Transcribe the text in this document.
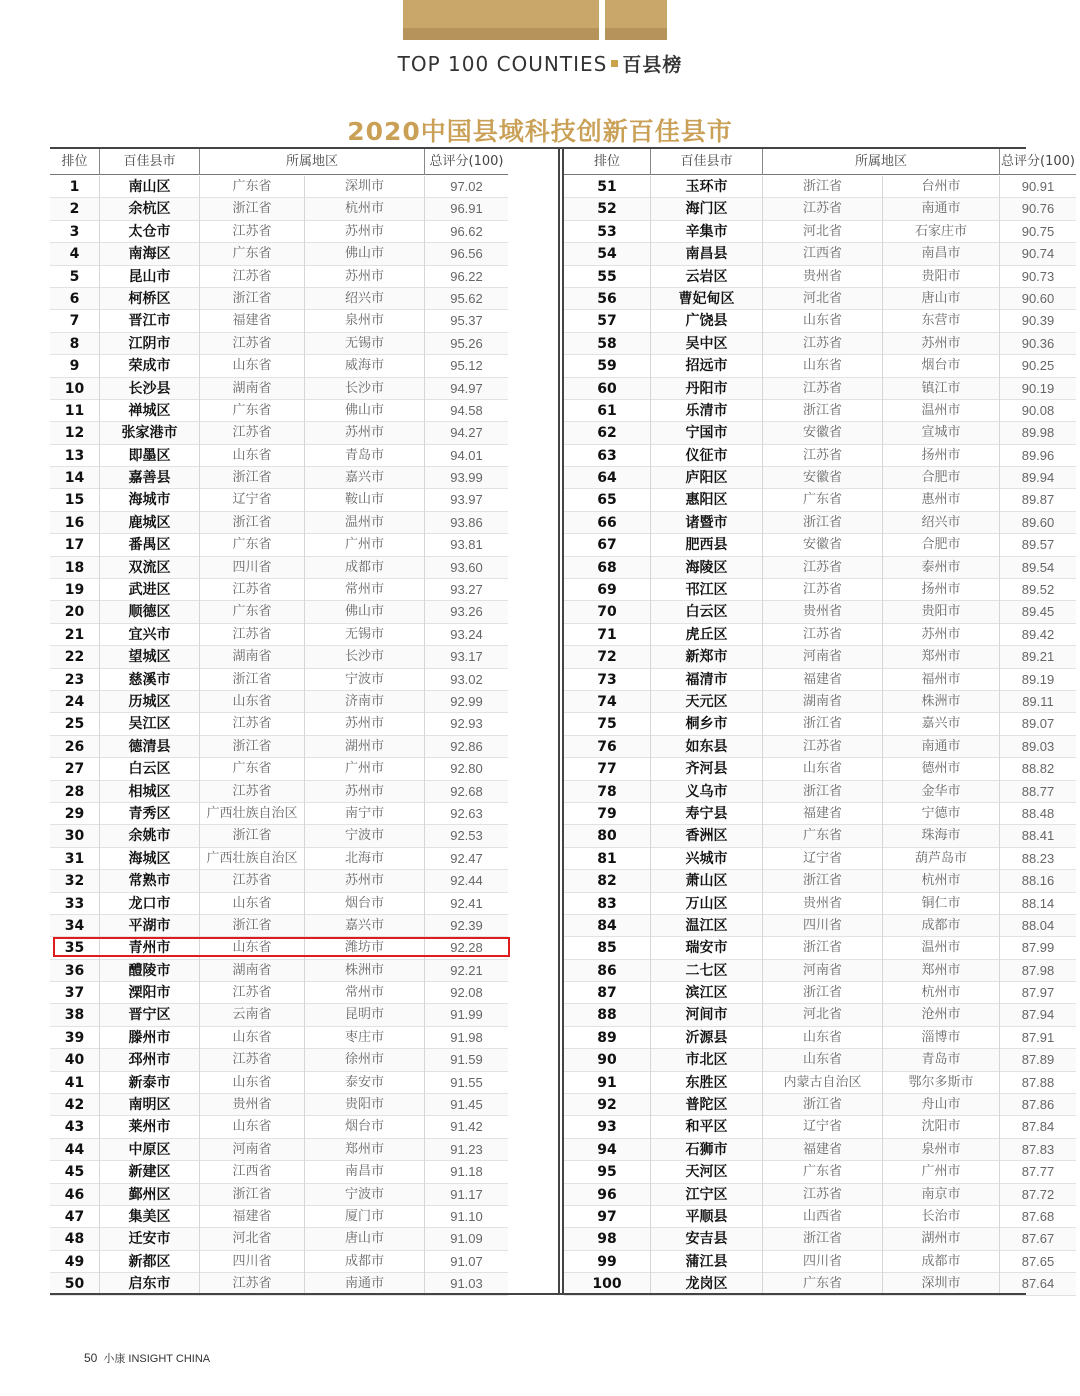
TOP 100 COUNTIES 百县榜
2020中国县域科技创新百佳县市
排位	百佳县市	所属地区	总评分(100)
1	南山区	广东省	深圳市	97.02
2	余杭区	浙江省	杭州市	96.91
3	太仓市	江苏省	苏州市	96.62
4	南海区	广东省	佛山市	96.56
5	昆山市	江苏省	苏州市	96.22
6	柯桥区	浙江省	绍兴市	95.62
7	晋江市	福建省	泉州市	95.37
8	江阴市	江苏省	无锡市	95.26
9	荣成市	山东省	威海市	95.12
10	长沙县	湖南省	长沙市	94.97
11	禅城区	广东省	佛山市	94.58
12	张家港市	江苏省	苏州市	94.27
13	即墨区	山东省	青岛市	94.01
14	嘉善县	浙江省	嘉兴市	93.99
15	海城市	辽宁省	鞍山市	93.97
16	鹿城区	浙江省	温州市	93.86
17	番禺区	广东省	广州市	93.81
18	双流区	四川省	成都市	93.60
19	武进区	江苏省	常州市	93.27
20	顺德区	广东省	佛山市	93.26
21	宜兴市	江苏省	无锡市	93.24
22	望城区	湖南省	长沙市	93.17
23	慈溪市	浙江省	宁波市	93.02
24	历城区	山东省	济南市	92.99
25	吴江区	江苏省	苏州市	92.93
26	德清县	浙江省	湖州市	92.86
27	白云区	广东省	广州市	92.80
28	相城区	江苏省	苏州市	92.68
29	青秀区	广西壮族自治区	南宁市	92.63
30	余姚市	浙江省	宁波市	92.53
31	海城区	广西壮族自治区	北海市	92.47
32	常熟市	江苏省	苏州市	92.44
33	龙口市	山东省	烟台市	92.41
34	平湖市	浙江省	嘉兴市	92.39
35	青州市	山东省	潍坊市	92.28
36	醴陵市	湖南省	株洲市	92.21
37	溧阳市	江苏省	常州市	92.08
38	晋宁区	云南省	昆明市	91.99
39	滕州市	山东省	枣庄市	91.98
40	邳州市	江苏省	徐州市	91.59
41	新泰市	山东省	泰安市	91.55
42	南明区	贵州省	贵阳市	91.45
43	莱州市	山东省	烟台市	91.42
44	中原区	河南省	郑州市	91.23
45	新建区	江西省	南昌市	91.18
46	鄞州区	浙江省	宁波市	91.17
47	集美区	福建省	厦门市	91.10
48	迁安市	河北省	唐山市	91.09
49	新都区	四川省	成都市	91.07
50	启东市	江苏省	南通市	91.03
排位	百佳县市	所属地区	总评分(100)
51	玉环市	浙江省	台州市	90.91
52	海门区	江苏省	南通市	90.76
53	辛集市	河北省	石家庄市	90.75
54	南昌县	江西省	南昌市	90.74
55	云岩区	贵州省	贵阳市	90.73
56	曹妃甸区	河北省	唐山市	90.60
57	广饶县	山东省	东营市	90.39
58	吴中区	江苏省	苏州市	90.36
59	招远市	山东省	烟台市	90.25
60	丹阳市	江苏省	镇江市	90.19
61	乐清市	浙江省	温州市	90.08
62	宁国市	安徽省	宣城市	89.98
63	仪征市	江苏省	扬州市	89.96
64	庐阳区	安徽省	合肥市	89.94
65	惠阳区	广东省	惠州市	89.87
66	诸暨市	浙江省	绍兴市	89.60
67	肥西县	安徽省	合肥市	89.57
68	海陵区	江苏省	泰州市	89.54
69	邗江区	江苏省	扬州市	89.52
70	白云区	贵州省	贵阳市	89.45
71	虎丘区	江苏省	苏州市	89.42
72	新郑市	河南省	郑州市	89.21
73	福清市	福建省	福州市	89.19
74	天元区	湖南省	株洲市	89.11
75	桐乡市	浙江省	嘉兴市	89.07
76	如东县	江苏省	南通市	89.03
77	齐河县	山东省	德州市	88.82
78	义乌市	浙江省	金华市	88.77
79	寿宁县	福建省	宁德市	88.48
80	香洲区	广东省	珠海市	88.41
81	兴城市	辽宁省	葫芦岛市	88.23
82	萧山区	浙江省	杭州市	88.16
83	万山区	贵州省	铜仁市	88.14
84	温江区	四川省	成都市	88.04
85	瑞安市	浙江省	温州市	87.99
86	二七区	河南省	郑州市	87.98
87	滨江区	浙江省	杭州市	87.97
88	河间市	河北省	沧州市	87.94
89	沂源县	山东省	淄博市	87.91
90	市北区	山东省	青岛市	87.89
91	东胜区	内蒙古自治区	鄂尔多斯市	87.88
92	普陀区	浙江省	舟山市	87.86
93	和平区	辽宁省	沈阳市	87.84
94	石狮市	福建省	泉州市	87.83
95	天河区	广东省	广州市	87.77
96	江宁区	江苏省	南京市	87.72
97	平顺县	山西省	长治市	87.68
98	安吉县	浙江省	湖州市	87.67
99	蒲江县	四川省	成都市	87.65
100	龙岗区	广东省	深圳市	87.64
50 小康 INSIGHT CHINA
